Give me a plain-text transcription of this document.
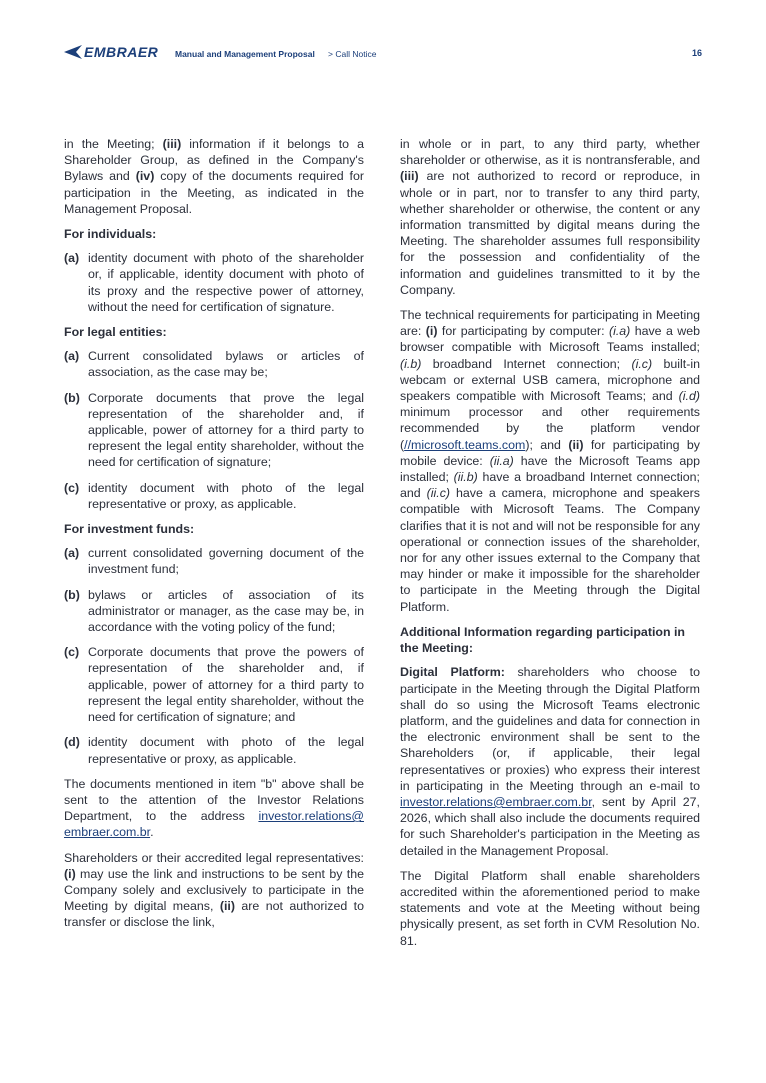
EMBRAER Manual and Management Proposal > Call Notice	16

in the Meeting; (iii) information if it belongs to a Shareholder Group, as defined in the Company's Bylaws and (iv) copy of the documents required for participation in the Meeting, as indicated in the Management Proposal.

For individuals:
(a) identity document with photo of the shareholder or, if applicable, identity document with photo of its proxy and the respective power of attorney, without the need for certification of signature.
For legal entities:
(a) Current consolidated bylaws or articles of association, as the case may be;
(b) Corporate documents that prove the legal representation of the shareholder and, if applicable, power of attorney for a third party to represent the legal entity shareholder, without the need for certification of signature;
(c) identity document with photo of the legal representative or proxy, as applicable.
For investment funds:
(a) current consolidated governing document of the investment fund;
(b) bylaws or articles of association of its administrator or manager, as the case may be, in accordance with the voting policy of the fund;
(c) Corporate documents that prove the powers of representation of the shareholder and, if applicable, power of attorney for a third party to represent the legal entity shareholder, without the need for certification of signature; and
(d) identity document with photo of the legal representative or proxy, as applicable.

The documents mentioned in item "b" above shall be sent to the attention of the Investor Relations Department, to the address investor.relations@ embraer.com.br.

Shareholders or their accredited legal representatives: (i) may use the link and instructions to be sent by the Company solely and exclusively to participate in the Meeting by digital means, (ii) are not authorized to transfer or disclose the link,

in whole or in part, to any third party, whether shareholder or otherwise, as it is nontransferable, and (iii) are not authorized to record or reproduce, in whole or in part, nor to transfer to any third party, whether shareholder or otherwise, the content or any information transmitted by digital means during the Meeting. The shareholder assumes full responsibility for the possession and confidentiality of the information and guidelines transmitted to it by the Company.

The technical requirements for participating in Meeting are: (i) for participating by computer: (i.a) have a web browser compatible with Microsoft Teams installed; (i.b) broadband Internet connection; (i.c) built-in webcam or external USB camera, microphone and speakers compatible with Microsoft Teams; and (i.d) minimum processor and other requirements recommended by the platform vendor (//microsoft.teams.com); and (ii) for participating by mobile device: (ii.a) have the Microsoft Teams app installed; (ii.b) have a broadband Internet connection; and (ii.c) have a camera, microphone and speakers compatible with Microsoft Teams. The Company clarifies that it is not and will not be responsible for any operational or connection issues of the shareholder, nor for any other issues external to the Company that may hinder or make it impossible for the shareholder to participate in the Meeting through the Digital Platform.

Additional Information regarding participation in the Meeting:

Digital Platform: shareholders who choose to participate in the Meeting through the Digital Platform shall do so using the Microsoft Teams electronic platform, and the guidelines and data for connection in the electronic environment shall be sent to the Shareholders (or, if applicable, their legal representatives or proxies) who express their interest in participating in the Meeting through an e-mail to investor.relations@embraer.com.br, sent by April 27, 2026, which shall also include the documents required for such Shareholder's participation in the Meeting as detailed in the Management Proposal.

The Digital Platform shall enable shareholders accredited within the aforementioned period to make statements and vote at the Meeting without being physically present, as set forth in CVM Resolution No. 81.
